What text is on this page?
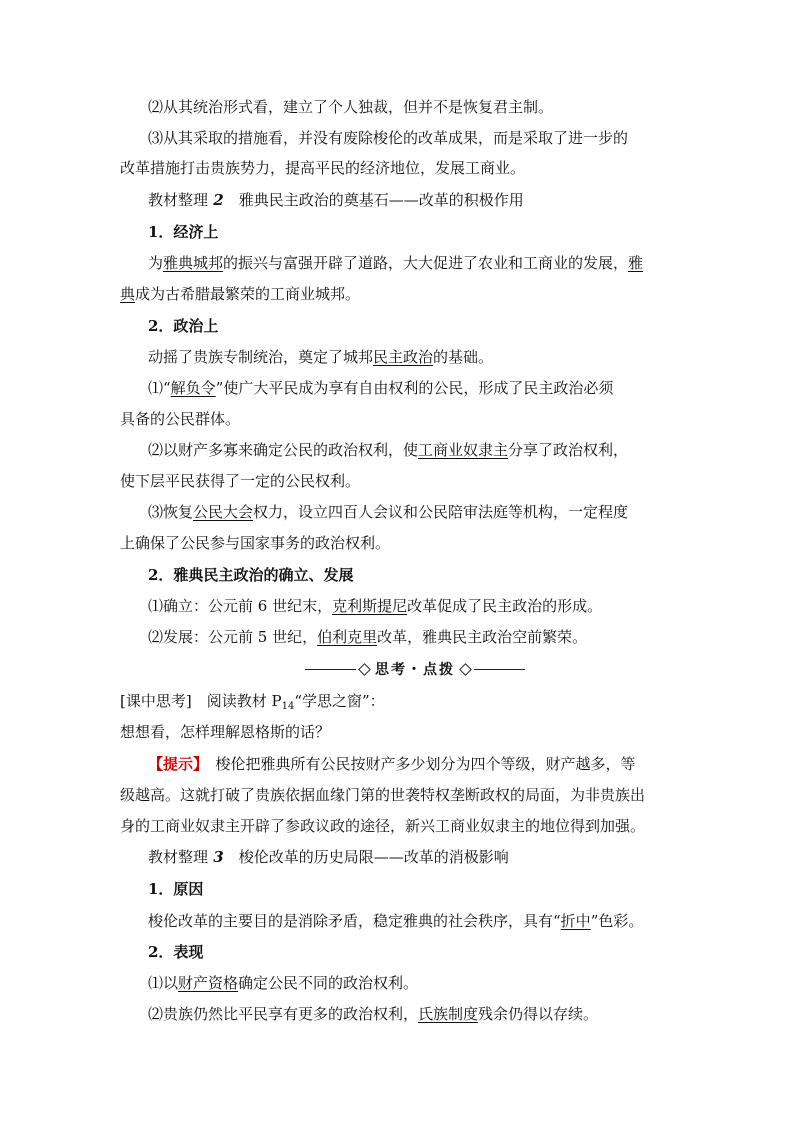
⑵从其统治形式看，建立了个人独裁，但并不是恢复君主制。
⑶从其采取的措施看，并没有废除梭伦的改革成果，而是采取了进一步的
改革措施打击贵族势力，提高平民的经济地位，发展工商业。
教材整理 2　雅典民主政治的奠基石——改革的积极作用
1．经济上
为雅典城邦的振兴与富强开辟了道路，大大促进了农业和工商业的发展，雅
典成为古希腊最繁荣的工商业城邦。
2．政治上
动摇了贵族专制统治，奠定了城邦民主政治的基础。
⑴“解负令”使广大平民成为享有自由权利的公民，形成了民主政治必须
具备的公民群体。
⑵以财产多寡来确定公民的政治权利，使工商业奴隶主分享了政治权利，
使下层平民获得了一定的公民权利。
⑶恢复公民大会权力，设立四百人会议和公民陪审法庭等机构，一定程度
上确保了公民参与国家事务的政治权利。
2．雅典民主政治的确立、发展
⑴确立：公元前 6 世纪末，克利斯提尼改革促成了民主政治的形成。
⑵发展：公元前 5 世纪，伯利克里改革，雅典民主政治空前繁荣。
思考・点拨
[课中思考]　阅读教材 $P_{14}“$学思之窗”：
想想看，怎样理解恩格斯的话？
【提示】　梭伦把雅典所有公民按财产多少划分为四个等级，财产越多，等
级越高。这就打破了贵族依据血缘门第的世袭特权垄断政权的局面，为非贵族出
身的工商业奴隶主开辟了参政议政的途径，新兴工商业奴隶主的地位得到加强。
教材整理 3　梭伦改革的历史局限——改革的消极影响
1．原因
梭伦改革的主要目的是消除矛盾，稳定雅典的社会秩序，具有“折中”色彩。
2．表现
⑴以财产资格确定公民不同的政治权利。
⑵贵族仍然比平民享有更多的政治权利，氏族制度残余仍得以存续。
